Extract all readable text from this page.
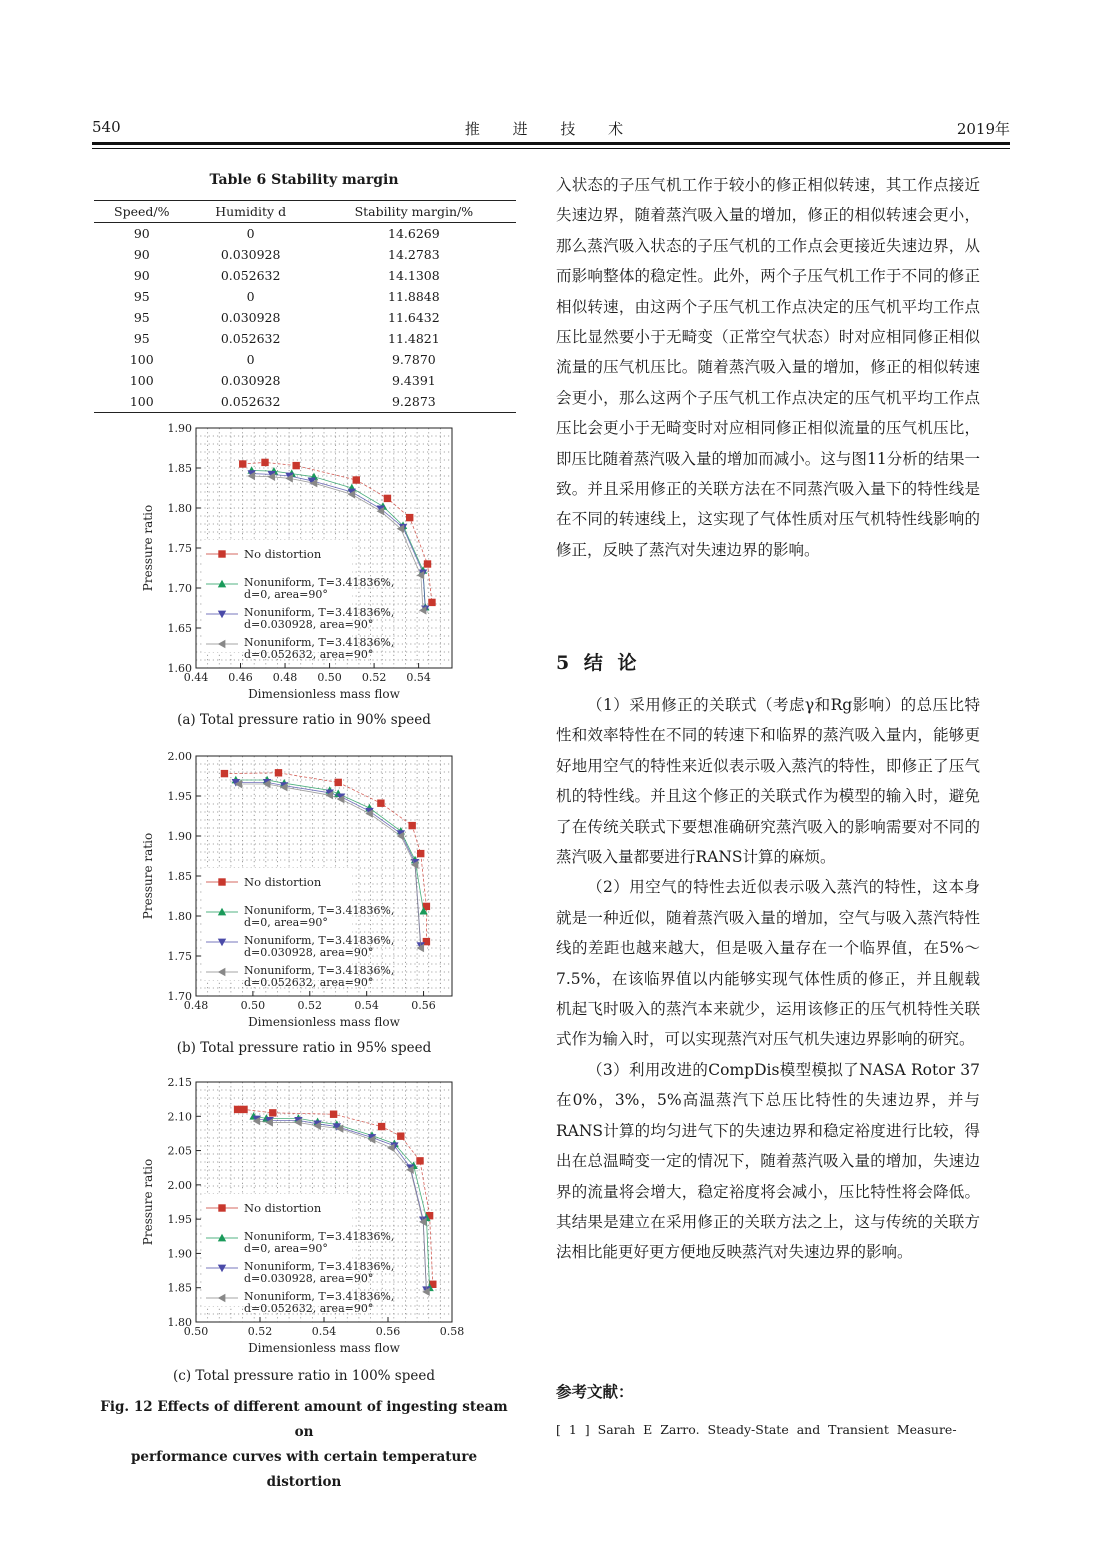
540	推 进 技 术	2019年
Table 6 Stability margin
Speed/%	Humidity d	Stability margin/%
90	0	14.6269
90	0.030928	14.2783
90	0.052632	14.1308
95	0	11.8848
95	0.030928	11.6432
95	0.052632	11.4821
100	0	9.7870
100	0.030928	9.4391
100	0.052632	9.2873
0.44 0.46 0.48 0.50 0.52 0.54
1.60
1.65
1.70
1.75
1.80
1.85
1.90
Dimensionless mass flow
Pressure ratio	No distortion
Nonuniform, T=3.41836%,
d=0, area=90°
Nonuniform, T=3.41836%,
d=0.030928, area=90°
Nonuniform, T=3.41836%,
d=0.052632, area=90°
(a) Total pressure ratio in 90% speed
0.48	0.50	0.52	0.54	0.56
1.70
1.75
1.80
1.85
1.90
1.95
2.00
Dimensionless mass flow
Pressure ratio	No distortion
Nonuniform, T=3.41836%,
d=0, area=90°
Nonuniform, T=3.41836%,
d=0.030928, area=90°
Nonuniform, T=3.41836%,
d=0.052632, area=90°
(b) Total pressure ratio in 95% speed
0.50	0.52	0.54	0.56	0.58
1.80
1.85
1.90
1.95
2.00
2.05
2.10
2.15
Dimensionless mass flow
Pressure ratio	No distortion
Nonuniform, T=3.41836%,
d=0, area=90°
Nonuniform, T=3.41836%,
d=0.030928, area=90°
Nonuniform, T=3.41836%,
d=0.052632, area=90°
(c) Total pressure ratio in 100% speed
Fig. 12 Effects of different amount of ingesting steam on
performance curves with certain temperature distortion

入状态的子压气机工作于较小的修正相似转速，其工作点接近失速边界，随着蒸汽吸入量的增加，修正的相似转速会更小，那么蒸汽吸入状态的子压气机的工作点会更接近失速边界，从而影响整体的稳定性。此外，两个子压气机工作于不同的修正相似转速，由这两个子压气机工作点决定的压气机平均工作点压比显然要小于无畸变（正常空气状态）时对应相同修正相似流量的压气机压比。随着蒸汽吸入量的增加，修正的相似转速会更小，那么这两个子压气机工作点决定的压气机平均工作点压比会更小于无畸变时对应相同修正相似流量的压气机压比，即压比随着蒸汽吸入量的增加而减小。这与图11分析的结果一致。并且采用修正的关联方法在不同蒸汽吸入量下的特性线是在不同的转速线上，这实现了气体性质对压气机特性线影响的修正，反映了蒸汽对失速边界的影响。

5 结 论

（1）采用修正的关联式（考虑γ和Rg影响）的总压比特性和效率特性在不同的转速下和临界的蒸汽吸入量内，能够更好地用空气的特性来近似表示吸入蒸汽的特性，即修正了压气机的特性线。并且这个修正的关联式作为模型的输入时，避免了在传统关联式下要想准确研究蒸汽吸入的影响需要对不同的蒸汽吸入量都要进行RANS计算的麻烦。

（2）用空气的特性去近似表示吸入蒸汽的特性，这本身就是一种近似，随着蒸汽吸入量的增加，空气与吸入蒸汽特性线的差距也越来越大，但是吸入量存在一个临界值，在5%～7.5%，在该临界值以内能够实现气体性质的修正，并且舰载机起飞时吸入的蒸汽本来就少，运用该修正的压气机特性关联式作为输入时，可以实现蒸汽对压气机失速边界影响的研究。

（3）利用改进的CompDis模型模拟了NASA Rotor 37在0%，3%，5%高温蒸汽下总压比特性的失速边界，并与RANS计算的均匀进气下的失速边界和稳定裕度进行比较，得出在总温畸变一定的情况下，随着蒸汽吸入量的增加，失速边界的流量将会增大，稳定裕度将会减小，压比特性将会降低。其结果是建立在采用修正的关联方法之上，这与传统的关联方法相比能更好更方便地反映蒸汽对失速边界的影响。

参考文献：
[ 1 ] Sarah E Zarro. Steady-State and Transient Measure-
